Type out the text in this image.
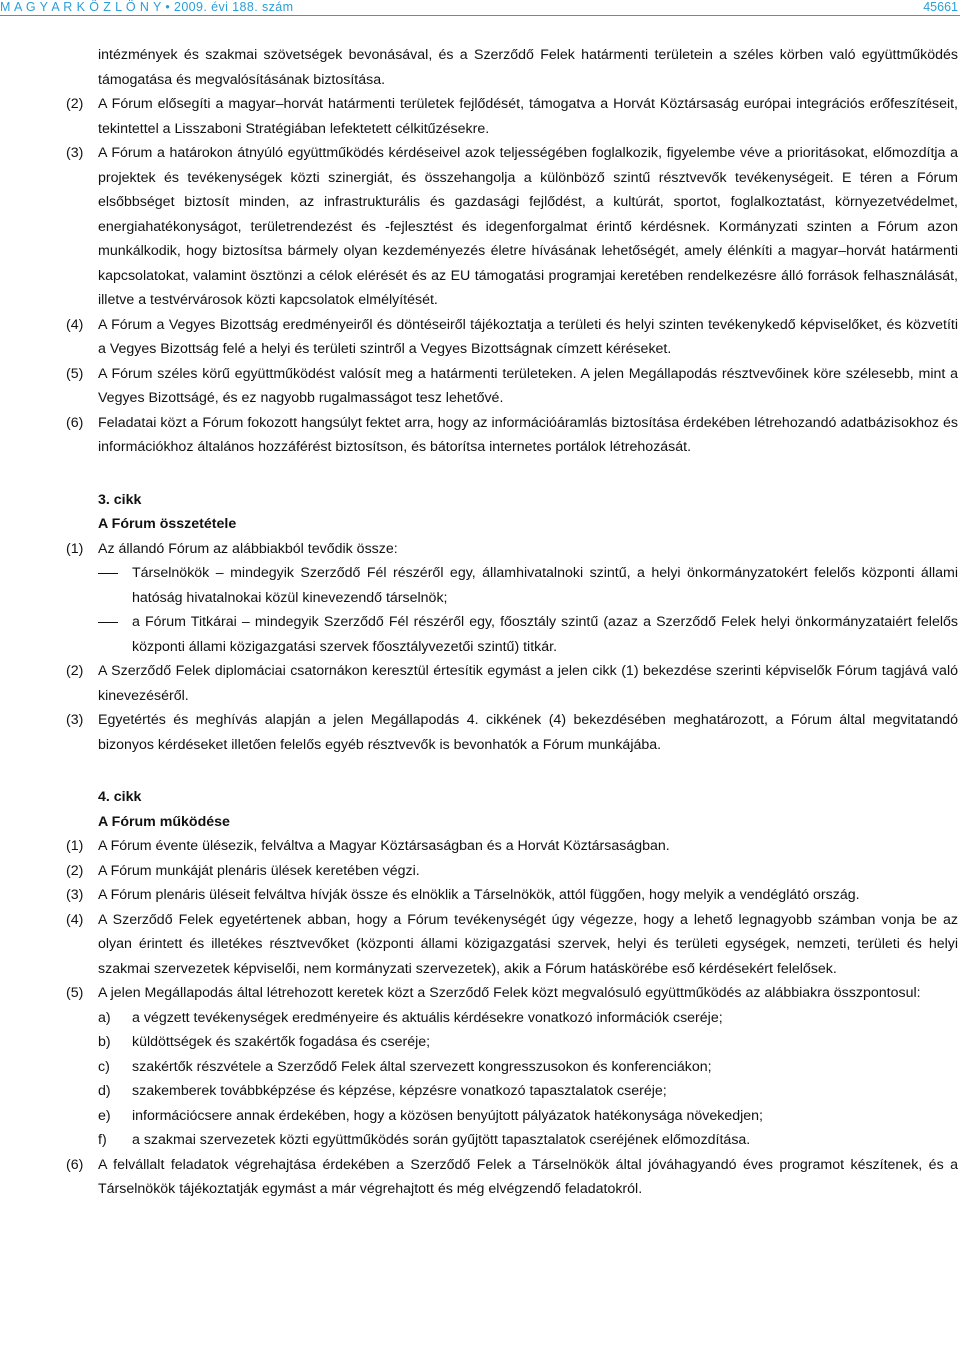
M A G Y A R K Ö Z L Ö N Y • 2009. évi 188. szám	45661
intézmények és szakmai szövetségek bevonásával, és a Szerződő Felek határmenti területein a széles körben való együttműködés támogatása és megvalósításának biztosítása.
(2) A Fórum elősegíti a magyar–horvát határmenti területek fejlődését, támogatva a Horvát Köztársaság európai integrációs erőfeszítéseit, tekintettel a Lisszaboni Stratégiában lefektetett célkitűzésekre.
(3) A Fórum a határokon átnyúló együttműködés kérdéseivel azok teljességében foglalkozik, figyelembe véve a prioritásokat, előmozdítja a projektek és tevékenységek közti szinergiát, és összehangolja a különböző szintű résztvevők tevékenységeit. E téren a Fórum elsőbbséget biztosít minden, az infrastrukturális és gazdasági fejlődést, a kultúrát, sportot, foglalkoztatást, környezetvédelmet, energiahatékonyságot, területrendezést és -fejlesztést és idegenforgalmat érintő kérdésnek. Kormányzati szinten a Fórum azon munkálkodik, hogy biztosítsa bármely olyan kezdeményezés életre hívásának lehetőségét, amely élénkíti a magyar–horvát határmenti kapcsolatokat, valamint ösztönzi a célok elérését és az EU támogatási programjai keretében rendelkezésre álló források felhasználását, illetve a testvérvárosok közti kapcsolatok elmélyítését.
(4) A Fórum a Vegyes Bizottság eredményeiről és döntéseiről tájékoztatja a területi és helyi szinten tevékenykedő képviselőket, és közvetíti a Vegyes Bizottság felé a helyi és területi szintről a Vegyes Bizottságnak címzett kéréseket.
(5) A Fórum széles körű együttműködést valósít meg a határmenti területeken. A jelen Megállapodás résztvevőinek köre szélesebb, mint a Vegyes Bizottságé, és ez nagyobb rugalmasságot tesz lehetővé.
(6) Feladatai közt a Fórum fokozott hangsúlyt fektet arra, hogy az információáramlás biztosítása érdekében létrehozandó adatbázisokhoz és információkhoz általános hozzáférést biztosítson, és bátorítsa internetes portálok létrehozását.
3. cikk
A Fórum összetétele
(1) Az állandó Fórum az alábbiakból tevődik össze:
Társelnökök – mindegyik Szerződő Fél részéről egy, államhivatalnoki szintű, a helyi önkormányzatokért felelős központi állami hatóság hivatalnokai közül kinevezendő társelnök;
a Fórum Titkárai – mindegyik Szerződő Fél részéről egy, főosztály szintű (azaz a Szerződő Felek helyi önkormányzataiért felelős központi állami közigazgatási szervek főosztályvezetői szintű) titkár.
(2) A Szerződő Felek diplomáciai csatornákon keresztül értesítik egymást a jelen cikk (1) bekezdése szerinti képviselők Fórum tagjává való kinevezéséről.
(3) Egyetértés és meghívás alapján a jelen Megállapodás 4. cikkének (4) bekezdésében meghatározott, a Fórum által megvitatandó bizonyos kérdéseket illetően felelős egyéb résztvevők is bevonhatók a Fórum munkájába.
4. cikk
A Fórum működése
(1) A Fórum évente ülésezik, felváltva a Magyar Köztársaságban és a Horvát Köztársaságban.
(2) A Fórum munkáját plenáris ülések keretében végzi.
(3) A Fórum plenáris üléseit felváltva hívják össze és elnöklik a Társelnökök, attól függően, hogy melyik a vendéglátó ország.
(4) A Szerződő Felek egyetértenek abban, hogy a Fórum tevékenységét úgy végezze, hogy a lehető legnagyobb számban vonja be az olyan érintett és illetékes résztvevőket (központi állami közigazgatási szervek, helyi és területi egységek, nemzeti, területi és helyi szakmai szervezetek képviselői, nem kormányzati szervezetek), akik a Fórum hatáskörébe eső kérdésekért felelősek.
(5) A jelen Megállapodás által létrehozott keretek közt a Szerződő Felek közt megvalósuló együttműködés az alábbiakra összpontosul:
a) a végzett tevékenységek eredményeire és aktuális kérdésekre vonatkozó információk cseréje;
b) küldöttségek és szakértők fogadása és cseréje;
c) szakértők részvétele a Szerződő Felek által szervezett kongresszusokon és konferenciákon;
d) szakemberek továbbképzése és képzése, képzésre vonatkozó tapasztalatok cseréje;
e) információcsere annak érdekében, hogy a közösen benyújtott pályázatok hatékonysága növekedjen;
f) a szakmai szervezetek közti együttműködés során gyűjtött tapasztalatok cseréjének előmozdítása.
(6) A felvállalt feladatok végrehajtása érdekében a Szerződő Felek a Társelnökök által jóváhagyandó éves programot készítenek, és a Társelnökök tájékoztatják egymást a már végrehajtott és még elvégzendő feladatokról.
